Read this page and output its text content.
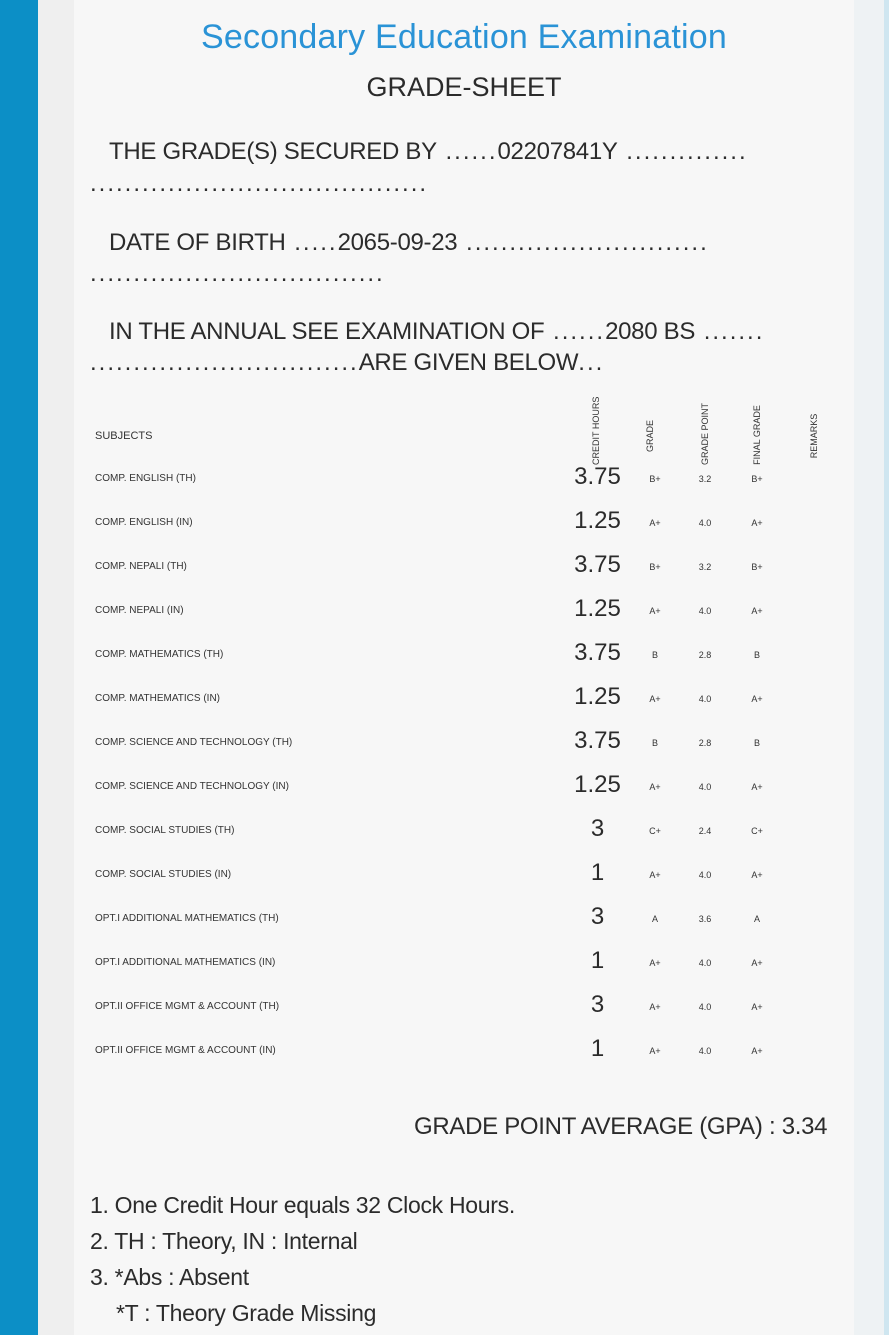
Secondary Education Examination
GRADE-SHEET
THE GRADE(S) SECURED BY ......02207841Y ..............
.......................................
DATE OF BIRTH .....2065-09-23 ............................
..................................
IN THE ANNUAL SEE EXAMINATION OF ......2080 BS .......
...............................ARE GIVEN BELOW...
SUBJECTS	CREDIT HOURS	GRADE	GRADE POINT	FINAL GRADE	REMARKS
COMP. ENGLISH (TH)	3.75	B+	3.2	B+
COMP. ENGLISH (IN)	1.25	A+	4.0	A+
COMP. NEPALI (TH)	3.75	B+	3.2	B+
COMP. NEPALI (IN)	1.25	A+	4.0	A+
COMP. MATHEMATICS (TH)	3.75	B	2.8	B
COMP. MATHEMATICS (IN)	1.25	A+	4.0	A+
COMP. SCIENCE AND TECHNOLOGY (TH)	3.75	B	2.8	B
COMP. SCIENCE AND TECHNOLOGY (IN)	1.25	A+	4.0	A+
COMP. SOCIAL STUDIES (TH)	3	C+	2.4	C+
COMP. SOCIAL STUDIES (IN)	1	A+	4.0	A+
OPT.I ADDITIONAL MATHEMATICS (TH)	3	A	3.6	A
OPT.I ADDITIONAL MATHEMATICS (IN)	1	A+	4.0	A+
OPT.II OFFICE MGMT & ACCOUNT (TH)	3	A+	4.0	A+
OPT.II OFFICE MGMT & ACCOUNT (IN)	1	A+	4.0	A+
GRADE POINT AVERAGE (GPA) : 3.34
1. One Credit Hour equals 32 Clock Hours.
2. TH : Theory, IN : Internal
3. *Abs : Absent
*T : Theory Grade Missing
